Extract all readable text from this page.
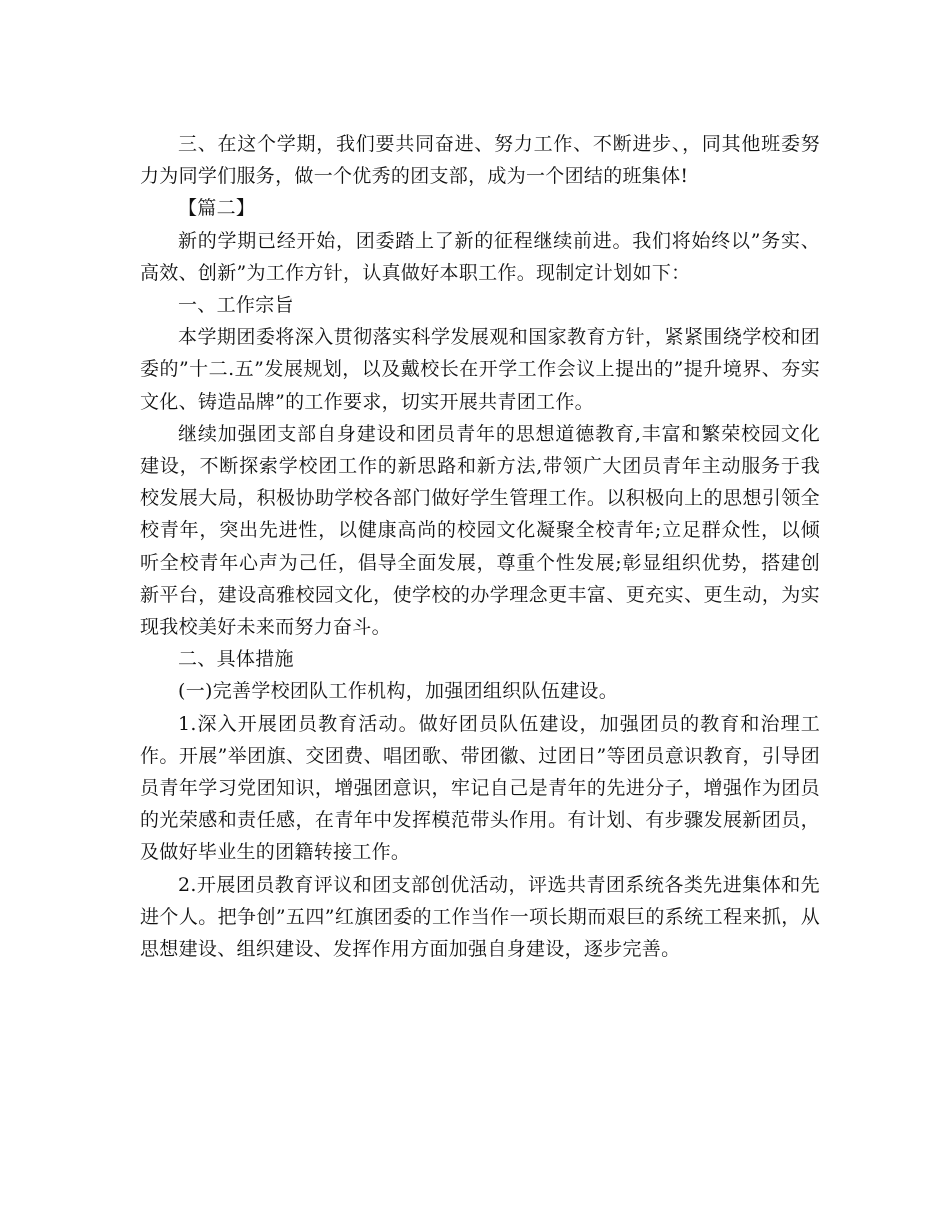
三、在这个学期，我们要共同奋进、努力工作、不断进步、，同其他班委努力为同学们服务，做一个优秀的团支部，成为一个团结的班集体!

【篇二】

新的学期已经开始，团委踏上了新的征程继续前进。我们将始终以”务实、高效、创新”为工作方针，认真做好本职工作。现制定计划如下：

一、工作宗旨

本学期团委将深入贯彻落实科学发展观和国家教育方针，紧紧围绕学校和团委的”十二.五”发展规划，以及戴校长在开学工作会议上提出的”提升境界、夯实文化、铸造品牌”的工作要求，切实开展共青团工作。

继续加强团支部自身建设和团员青年的思想道德教育,丰富和繁荣校园文化建设，不断探索学校团工作的新思路和新方法,带领广大团员青年主动服务于我校发展大局，积极协助学校各部门做好学生管理工作。以积极向上的思想引领全校青年，突出先进性，以健康高尚的校园文化凝聚全校青年;立足群众性，以倾听全校青年心声为己任，倡导全面发展，尊重个性发展;彰显组织优势，搭建创新平台，建设高雅校园文化，使学校的办学理念更丰富、更充实、更生动，为实现我校美好未来而努力奋斗。

二、具体措施

(一)完善学校团队工作机构，加强团组织队伍建设。

1.深入开展团员教育活动。做好团员队伍建设，加强团员的教育和治理工作。开展”举团旗、交团费、唱团歌、带团徽、过团日”等团员意识教育，引导团员青年学习党团知识，增强团意识，牢记自己是青年的先进分子，增强作为团员的光荣感和责任感，在青年中发挥模范带头作用。有计划、有步骤发展新团员，及做好毕业生的团籍转接工作。

2.开展团员教育评议和团支部创优活动，评选共青团系统各类先进集体和先进个人。把争创”五四”红旗团委的工作当作一项长期而艰巨的系统工程来抓，从思想建设、组织建设、发挥作用方面加强自身建设，逐步完善。
